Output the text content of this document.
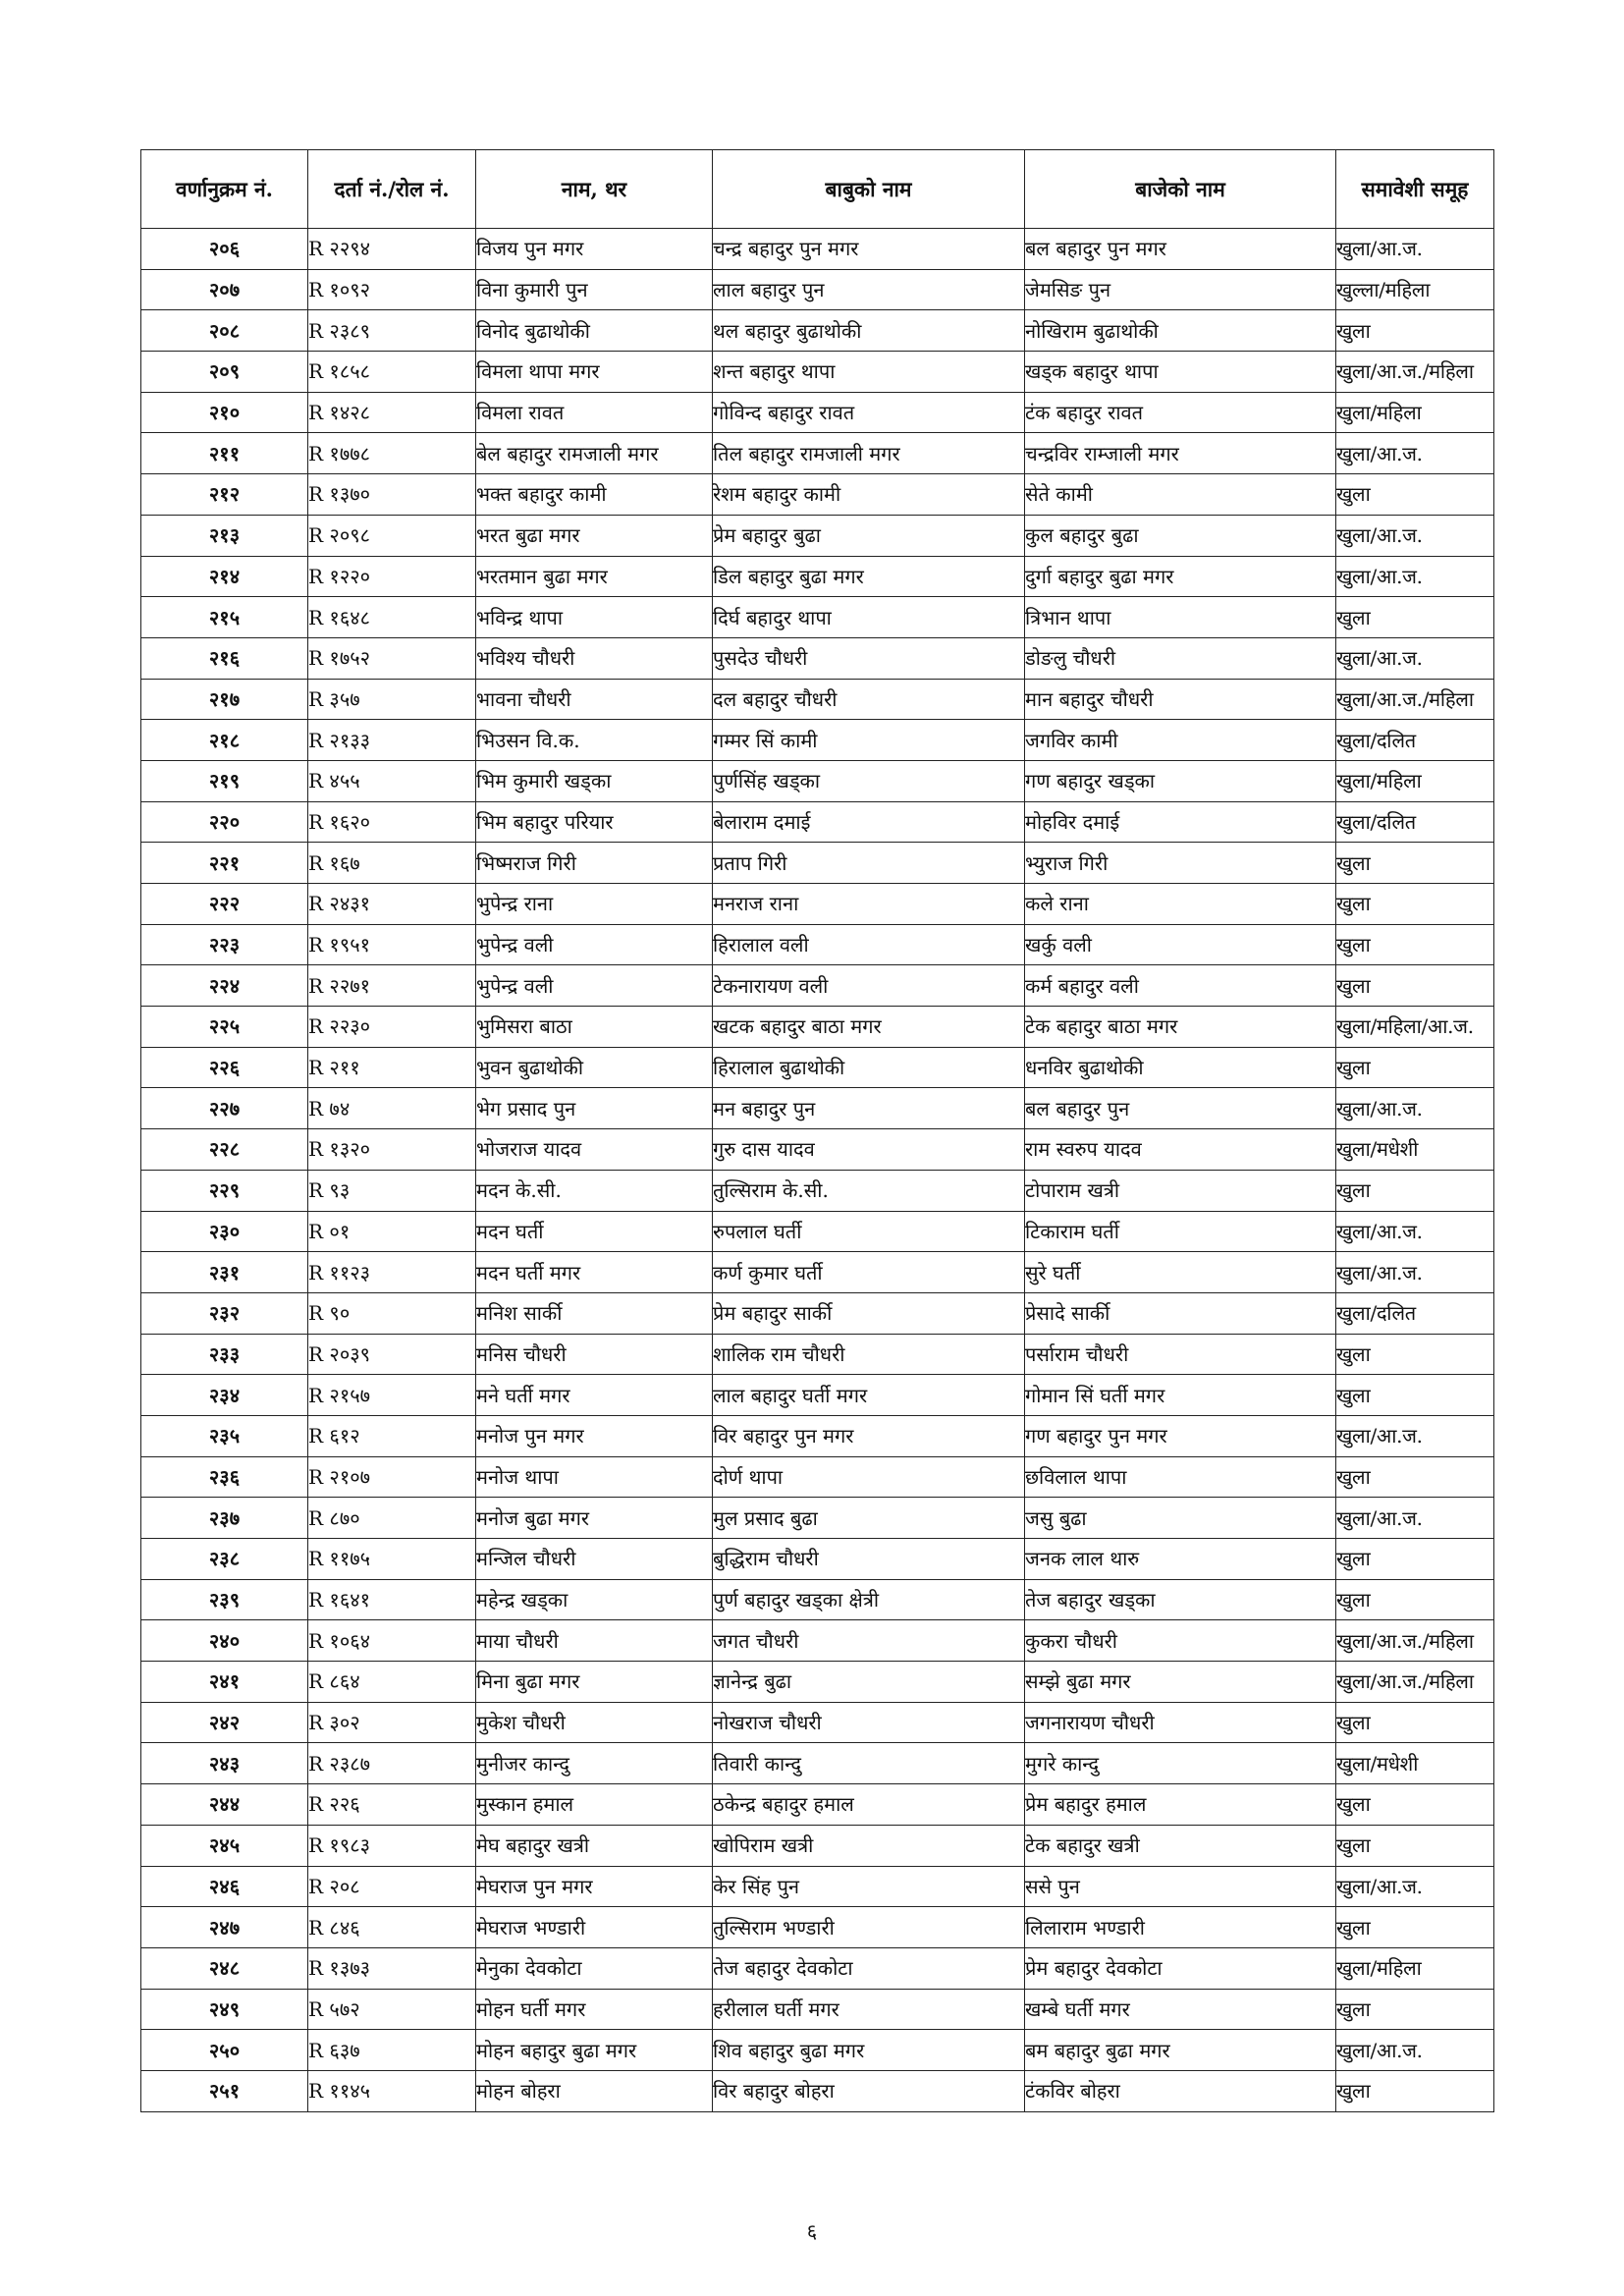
वर्णानुक्रम नं.	दर्ता नं./रोल नं.	नाम, थर	बाबुको नाम	बाजेको नाम	समावेशी समूह
२०६	R २२९४	विजय पुन मगर	चन्द्र बहादुर पुन मगर	बल बहादुर पुन मगर	खुला/आ.ज.
२०७	R १०९२	विना कुमारी पुन	लाल बहादुर पुन	जेमसिङ पुन	खुल्ला/महिला
२०८	R २३८९	विनोद बुढाथोकी	थल बहादुर बुढाथोकी	नोखिराम बुढाथोकी	खुला
२०९	R १८५८	विमला थापा मगर	शन्त बहादुर थापा	खड्क बहादुर थापा	खुला/आ.ज./महिला
२१०	R १४२८	विमला रावत	गोविन्द बहादुर रावत	टंक बहादुर रावत	खुला/महिला
२११	R १७७८	बेल बहादुर रामजाली मगर	तिल बहादुर रामजाली मगर	चन्द्रविर राम्जाली मगर	खुला/आ.ज.
२१२	R १३७०	भक्त बहादुर कामी	रेशम बहादुर कामी	सेते कामी	खुला
२१३	R २०९८	भरत बुढा मगर	प्रेम बहादुर बुढा	कुल बहादुर बुढा	खुला/आ.ज.
२१४	R १२२०	भरतमान बुढा मगर	डिल बहादुर बुढा मगर	दुर्गा बहादुर बुढा मगर	खुला/आ.ज.
२१५	R १६४८	भविन्द्र थापा	दिर्घ बहादुर थापा	त्रिभान थापा	खुला
२१६	R १७५२	भविश्य चौधरी	पुसदेउ चौधरी	डोङलु चौधरी	खुला/आ.ज.
२१७	R ३५७	भावना चौधरी	दल बहादुर चौधरी	मान बहादुर चौधरी	खुला/आ.ज./महिला
२१८	R २१३३	भिउसन वि.क.	गम्मर सिं कामी	जगविर कामी	खुला/दलित
२१९	R ४५५	भिम कुमारी खड्का	पुर्णसिंह खड्का	गण बहादुर खड्का	खुला/महिला
२२०	R १६२०	भिम बहादुर परियार	बेलाराम दमाई	मोहविर दमाई	खुला/दलित
२२१	R १६७	भिष्मराज गिरी	प्रताप गिरी	भ्युराज गिरी	खुला
२२२	R २४३१	भुपेन्द्र राना	मनराज राना	कले राना	खुला
२२३	R १९५१	भुपेन्द्र वली	हिरालाल वली	खर्कु वली	खुला
२२४	R २२७१	भुपेन्द्र वली	टेकनारायण वली	कर्म बहादुर वली	खुला
२२५	R २२३०	भुमिसरा बाठा	खटक बहादुर बाठा मगर	टेक बहादुर बाठा मगर	खुला/महिला/आ.ज.
२२६	R २११	भुवन बुढाथोकी	हिरालाल बुढाथोकी	धनविर बुढाथोकी	खुला
२२७	R ७४	भेग प्रसाद पुन	मन बहादुर पुन	बल बहादुर पुन	खुला/आ.ज.
२२८	R १३२०	भोजराज यादव	गुरु दास यादव	राम स्वरुप यादव	खुला/मधेशी
२२९	R ९३	मदन के.सी.	तुल्सिराम के.सी.	टोपाराम खत्री	खुला
२३०	R ०१	मदन घर्ती	रुपलाल घर्ती	टिकाराम घर्ती	खुला/आ.ज.
२३१	R ११२३	मदन घर्ती मगर	कर्ण कुमार घर्ती	सुरे घर्ती	खुला/आ.ज.
२३२	R ९०	मनिश सार्की	प्रेम बहादुर सार्की	प्रेसादे सार्की	खुला/दलित
२३३	R २०३९	मनिस चौधरी	शालिक राम चौधरी	पर्साराम चौधरी	खुला
२३४	R २१५७	मने घर्ती मगर	लाल बहादुर घर्ती मगर	गोमान सिं घर्ती मगर	खुला
२३५	R ६१२	मनोज पुन मगर	विर बहादुर पुन मगर	गण बहादुर पुन मगर	खुला/आ.ज.
२३६	R २१०७	मनोज थापा	दोर्ण थापा	छविलाल थापा	खुला
२३७	R ८७०	मनोज बुढा मगर	मुल प्रसाद बुढा	जसु बुढा	खुला/आ.ज.
२३८	R ११७५	मन्जिल चौधरी	बुद्धिराम चौधरी	जनक लाल थारु	खुला
२३९	R १६४१	महेन्द्र खड्का	पुर्ण बहादुर खड्का क्षेत्री	तेज बहादुर खड्का	खुला
२४०	R १०६४	माया चौधरी	जगत चौधरी	कुकरा चौधरी	खुला/आ.ज./महिला
२४१	R ८६४	मिना बुढा मगर	ज्ञानेन्द्र बुढा	सम्झे बुढा मगर	खुला/आ.ज./महिला
२४२	R ३०२	मुकेश चौधरी	नोखराज चौधरी	जगनारायण चौधरी	खुला
२४३	R २३८७	मुनीजर कान्दु	तिवारी कान्दु	मुगरे कान्दु	खुला/मधेशी
२४४	R २२६	मुस्कान हमाल	ठकेन्द्र बहादुर हमाल	प्रेम बहादुर हमाल	खुला
२४५	R १९८३	मेघ बहादुर खत्री	खोपिराम खत्री	टेक बहादुर खत्री	खुला
२४६	R २०८	मेघराज पुन मगर	केर सिंह पुन	ससे पुन	खुला/आ.ज.
२४७	R ८४६	मेघराज भण्डारी	तुल्सिराम भण्डारी	लिलाराम भण्डारी	खुला
२४८	R १३७३	मेनुका देवकोटा	तेज बहादुर देवकोटा	प्रेम बहादुर देवकोटा	खुला/महिला
२४९	R ५७२	मोहन घर्ती मगर	हरीलाल घर्ती मगर	खम्बे घर्ती मगर	खुला
२५०	R ६३७	मोहन बहादुर बुढा मगर	शिव बहादुर बुढा मगर	बम बहादुर बुढा मगर	खुला/आ.ज.
२५१	R ११४५	मोहन बोहरा	विर बहादुर बोहरा	टंकविर बोहरा	खुला
६
